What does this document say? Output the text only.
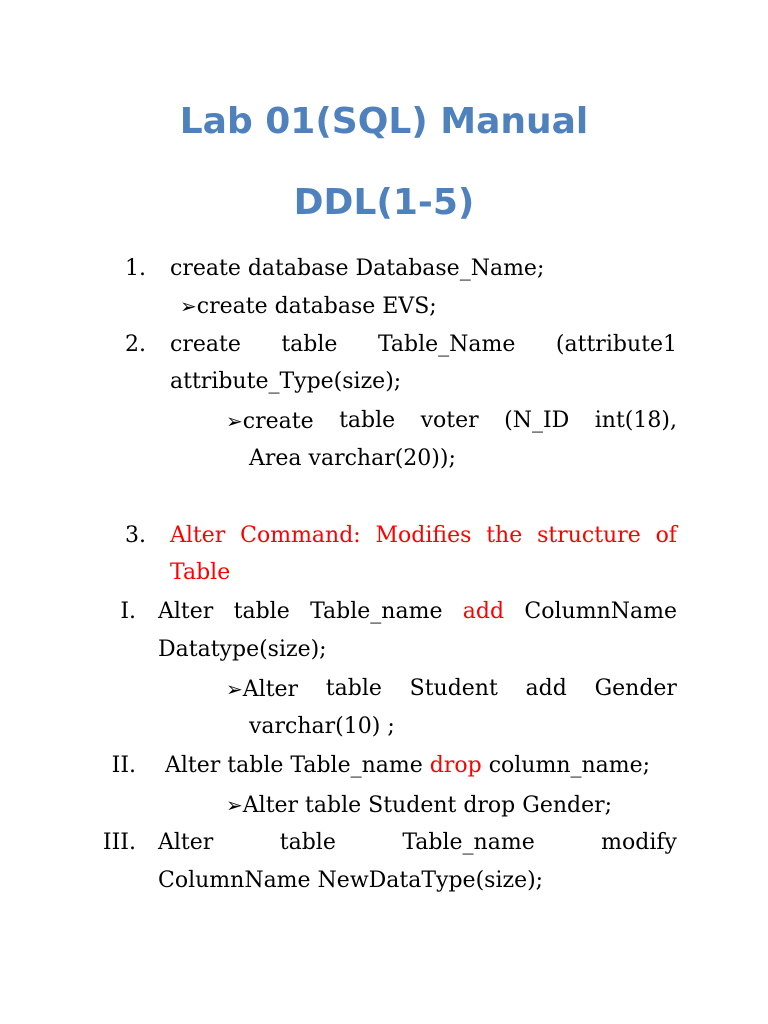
Lab 01(SQL) Manual
DDL(1-5)
1. create database Database_Name;
➢create database EVS;
2. create table Table_Name (attribute1
attribute_Type(size);
➢create table voter (N_ID int(18),
Area varchar(20));
3. Alter Command: Modifies the structure of
Table
I. Alter table Table_name add ColumnName
Datatype(size);
➢Alter table Student add Gender
varchar(10) ;
II. Alter table Table_name drop column_name;
➢Alter table Student drop Gender;
III. Alter	table	Table_name	modify
ColumnName NewDataType(size);
